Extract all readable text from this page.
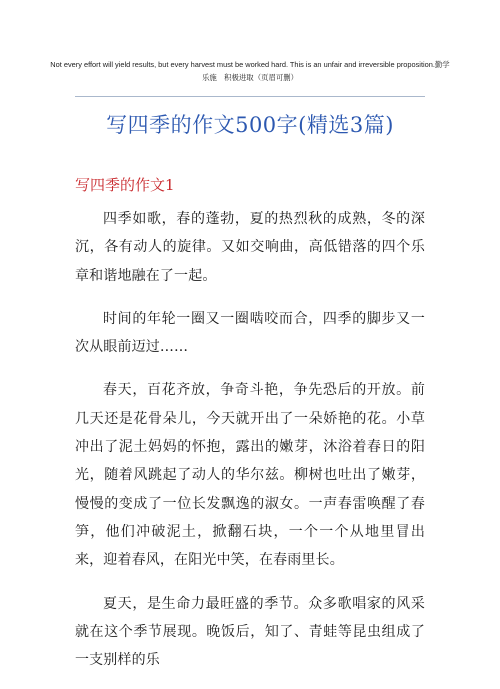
Not every effort will yield results, but every harvest must be worked hard. This is an unfair and irreversible proposition.勤学乐施　积极进取（页眉可删）
写四季的作文500字(精选3篇)
写四季的作文1

四季如歌，春的蓬勃，夏的热烈秋的成熟，冬的深沉，各有动人的旋律。又如交响曲，高低错落的四个乐章和谐地融在了一起。

时间的年轮一圈又一圈啮咬而合，四季的脚步又一次从眼前迈过……

春天，百花齐放，争奇斗艳，争先恐后的开放。前几天还是花骨朵儿，今天就开出了一朵娇艳的花。小草冲出了泥土妈妈的怀抱，露出的嫩芽，沐浴着春日的阳光，随着风跳起了动人的华尔兹。柳树也吐出了嫩芽，慢慢的变成了一位长发飘逸的淑女。一声春雷唤醒了春笋，他们冲破泥土，掀翻石块，一个一个从地里冒出来，迎着春风，在阳光中笑，在春雨里长。

夏天，是生命力最旺盛的季节。众多歌唱家的风采就在这个季节展现。晚饭后，知了、青蛙等昆虫组成了一支别样的乐
